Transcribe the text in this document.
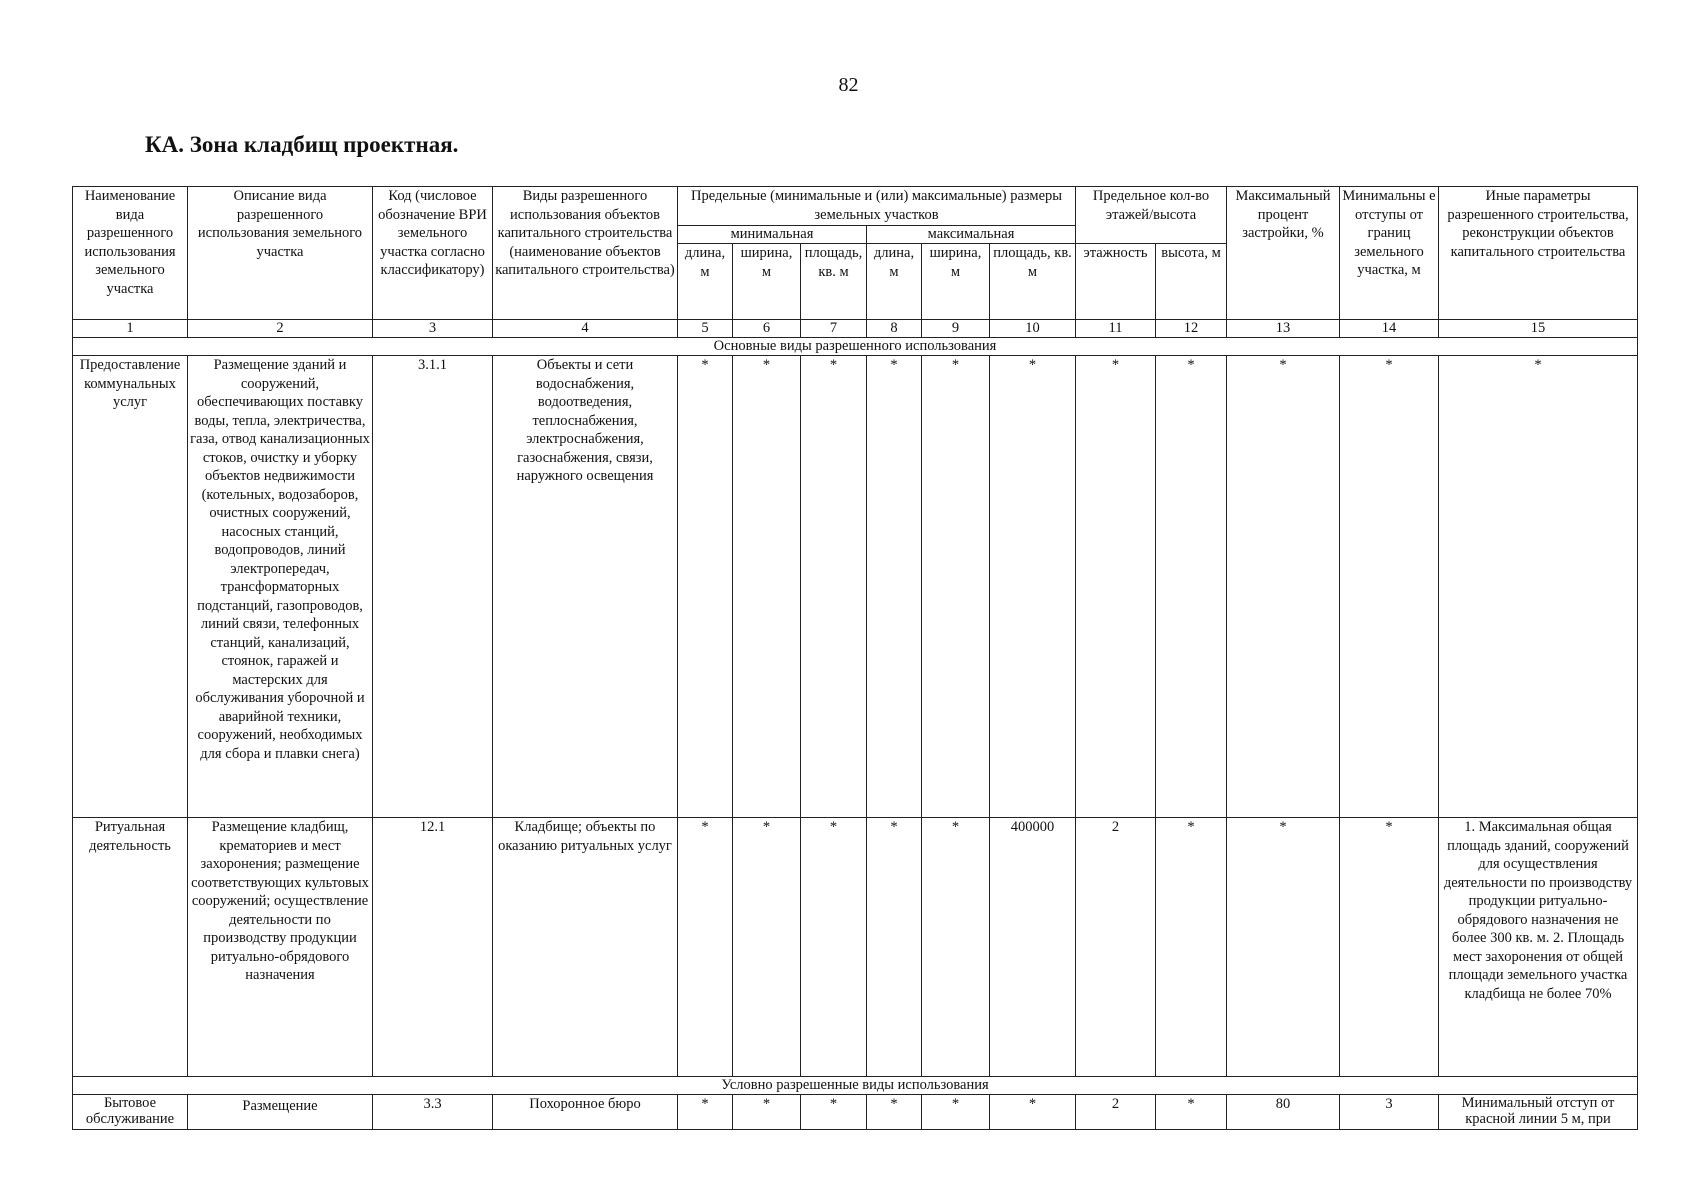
82
КА. Зона кладбищ проектная.
Наименование вида разрешенного использования земельного участка	Описание вида разрешенного использования земельного участка	Код (числовое обозначение ВРИ земельного участка согласно классификатору)	Виды разрешенного использования объектов капитального строительства (наименование объектов капитального строительства)	Предельные (минимальные и (или) максимальные) размеры земельных участков						Предельное кол-во этажей/высота		Максимальный процент застройки, %	Минимальны е отступы от границ земельного участка, м	Иные параметры разрешенного строительства, реконструкции объектов капитального строительства
				минимальная			максимальная							
				длина, м	ширина, м	площадь, кв. м	длина, м	ширина, м	площадь, кв. м	этажность	высота, м			
1	2	3	4	5	6	7	8	9	10	11	12	13	14	15
Основные виды разрешенного использования														
Предоставление коммунальных услуг	Размещение зданий и сооружений, обеспечивающих поставку воды, тепла, электричества, газа, отвод канализационных стоков, очистку и уборку объектов недвижимости (котельных, водозаборов, очистных сооружений, насосных станций, водопроводов, линий электропередач, трансформаторных подстанций, газопроводов, линий связи, телефонных станций, канализаций, стоянок, гаражей и мастерских для обслуживания уборочной и аварийной техники, сооружений, необходимых для сбора и плавки снега)	3.1.1	Объекты и сети водоснабжения, водоотведения, теплоснабжения, электроснабжения, газоснабжения, связи, наружного освещения	*	*	*	*	*	*	*	*	*	*	*
Ритуальная деятельность	Размещение кладбищ, крематориев и мест захоронения; размещение соответствующих культовых сооружений; осуществление деятельности по производству продукции ритуально-обрядового назначения	12.1	Кладбище; объекты по оказанию ритуальных услуг	*	*	*	*	*	400000	2	*	*	*	1. Максимальная общая площадь зданий, сооружений для осуществления деятельности по производству продукции ритуально- обрядового назначения не более 300 кв. м. 2. Площадь мест захоронения от общей площади земельного участка кладбища не более 70%
Условно разрешенные виды использования														
Бытовое обслуживание	Размещение	3.3	Похоронное бюро	*	*	*	*	*	*	2	*	80	3	Минимальный отступ от красной линии 5 м, при
